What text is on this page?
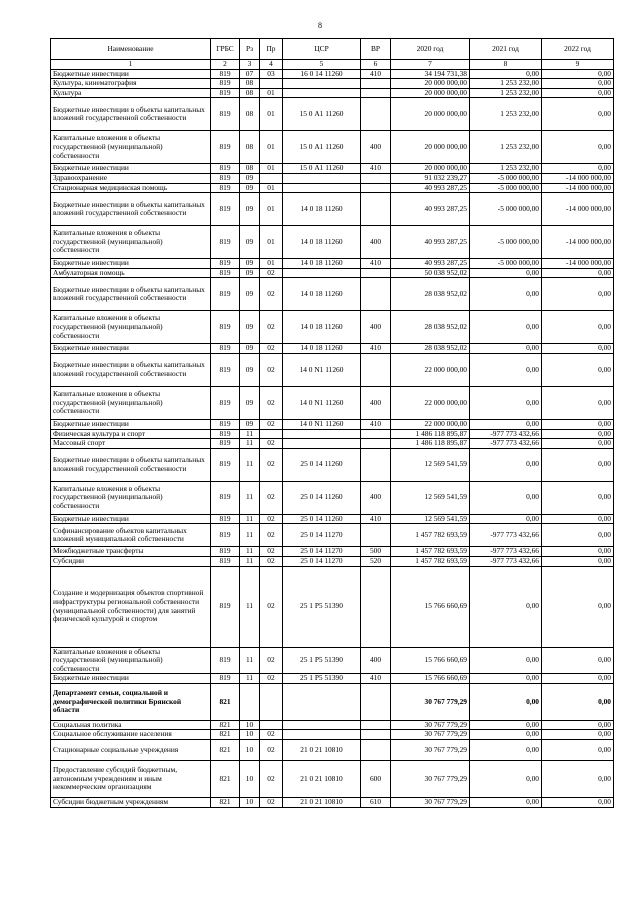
8
Наименование	ГРБС	Рз	Пр	ЦСР	ВР	2020 год	2021 год	2022 год
1	2	3	4	5	6	7	8	9
Бюджетные инвестиции	819	07	03	16 0 14 11260	410	34 194 731,38	0,00	0,00
Культура, кинематография	819	08				20 000 000,00	1 253 232,00	0,00
Культура	819	08	01			20 000 000,00	1 253 232,00	0,00
Бюджетные инвестиции в объекты капитальных вложений государственной собственности	819	08	01	15 0 А1 11260		20 000 000,00	1 253 232,00	0,00
Капитальные вложения в объекты государственной (муниципальной) собственности	819	08	01	15 0 А1 11260	400	20 000 000,00	1 253 232,00	0,00
Бюджетные инвестиции	819	08	01	15 0 А1 11260	410	20 000 000,00	1 253 232,00	0,00
Здравоохранение	819	09				91 032 239,27	-5 000 000,00	-14 000 000,00
Стационарная медицинская помощь	819	09	01			40 993 287,25	-5 000 000,00	-14 000 000,00
Бюджетные инвестиции в объекты капитальных вложений государственной собственности	819	09	01	14 0 18 11260		40 993 287,25	-5 000 000,00	-14 000 000,00
Капитальные вложения в объекты государственной (муниципальной) собственности	819	09	01	14 0 18 11260	400	40 993 287,25	-5 000 000,00	-14 000 000,00
Бюджетные инвестиции	819	09	01	14 0 18 11260	410	40 993 287,25	-5 000 000,00	-14 000 000,00
Амбулаторная помощь	819	09	02			50 038 952,02	0,00	0,00
Бюджетные инвестиции в объекты капитальных вложений государственной собственности	819	09	02	14 0 18 11260		28 038 952,02	0,00	0,00
Капитальные вложения в объекты государственной (муниципальной) собственности	819	09	02	14 0 18 11260	400	28 038 952,02	0,00	0,00
Бюджетные инвестиции	819	09	02	14 0 18 11260	410	28 038 952,02	0,00	0,00
Бюджетные инвестиции в объекты капитальных вложений государственной собственности	819	09	02	14 0 N1 11260		22 000 000,00	0,00	0,00
Капитальные вложения в объекты государственной (муниципальной) собственности	819	09	02	14 0 N1 11260	400	22 000 000,00	0,00	0,00
Бюджетные инвестиции	819	09	02	14 0 N1 11260	410	22 000 000,00	0,00	0,00
Физическая культура и спорт	819	11				1 486 118 895,87	-977 773 432,66	0,00
Массовый спорт	819	11	02			1 486 118 895,87	-977 773 432,66	0,00
Бюджетные инвестиции в объекты капитальных вложений государственной собственности	819	11	02	25 0 14 11260		12 569 541,59	0,00	0,00
Капитальные вложения в объекты государственной (муниципальной) собственности	819	11	02	25 0 14 11260	400	12 569 541,59	0,00	0,00
Бюджетные инвестиции	819	11	02	25 0 14 11260	410	12 569 541,59	0,00	0,00
Софинансирование объектов капитальных вложений муниципальной собственности	819	11	02	25 0 14 11270		1 457 782 693,59	-977 773 432,66	0,00
Межбюджетные трансферты	819	11	02	25 0 14 11270	500	1 457 782 693,59	-977 773 432,66	0,00
Субсидии	819	11	02	25 0 14 11270	520	1 457 782 693,59	-977 773 432,66	0,00
Создание и модернизация объектов спортивной инфраструктуры региональной собственности (муниципальной собственности) для занятий физической культурой и спортом	819	11	02	25 1 P5 51390		15 766 660,69	0,00	0,00
Капитальные вложения в объекты государственной (муниципальной) собственности	819	11	02	25 1 P5 51390	400	15 766 660,69	0,00	0,00
Бюджетные инвестиции	819	11	02	25 1 P5 51390	410	15 766 660,69	0,00	0,00
Департамент семьи, социальной и демографической политики Брянской области	821					30 767 779,29	0,00	0,00
Социальная политика	821	10				30 767 779,29	0,00	0,00
Социальное обслуживание населения	821	10	02			30 767 779,29	0,00	0,00
Стационарные социальные учреждения	821	10	02	21 0 21 10810		30 767 779,29	0,00	0,00
Предоставление субсидий бюджетным, автономным учреждениям и иным некоммерческим организациям	821	10	02	21 0 21 10810	600	30 767 779,29	0,00	0,00
Субсидии бюджетным учреждениям	821	10	02	21 0 21 10810	610	30 767 779,29	0,00	0,00
